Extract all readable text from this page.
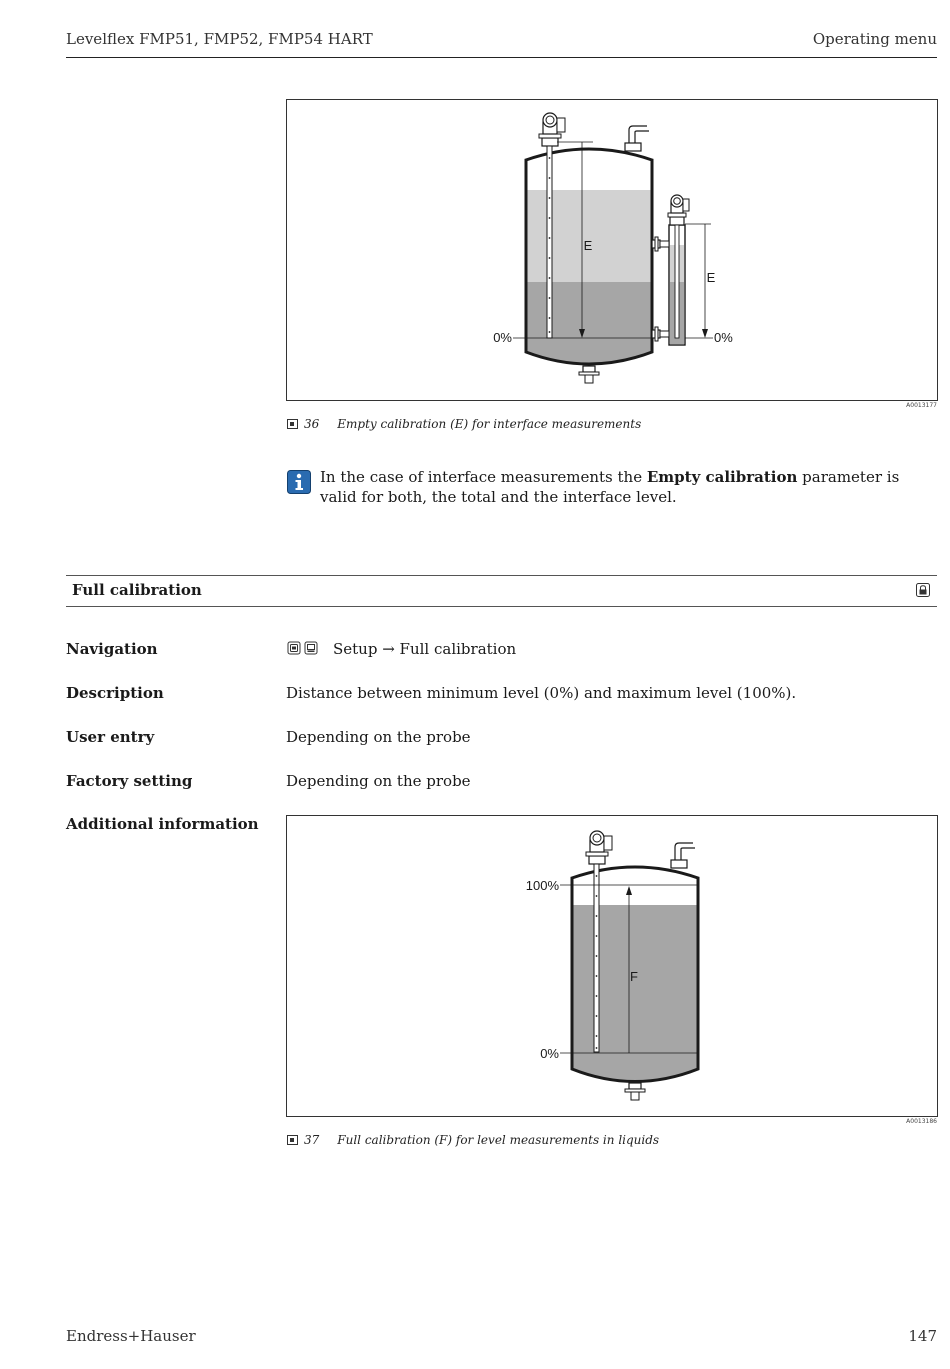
Levelflex FMP51, FMP52, FMP54 HART	Operating menu
E
0%
E
0%
A0013177
36 Empty calibration (E) for interface measurements
In the case of interface measurements the Empty calibration parameter is valid for both, the total and the interface level.
Full calibration
Navigation	Setup → Full calibration
Description	Distance between minimum level (0%) and maximum level (100%).
User entry	Depending on the probe
Factory setting	Depending on the probe
Additional information
100%
0%
F
A0013186
37 Full calibration (F) for level measurements in liquids
Endress+Hauser	147
